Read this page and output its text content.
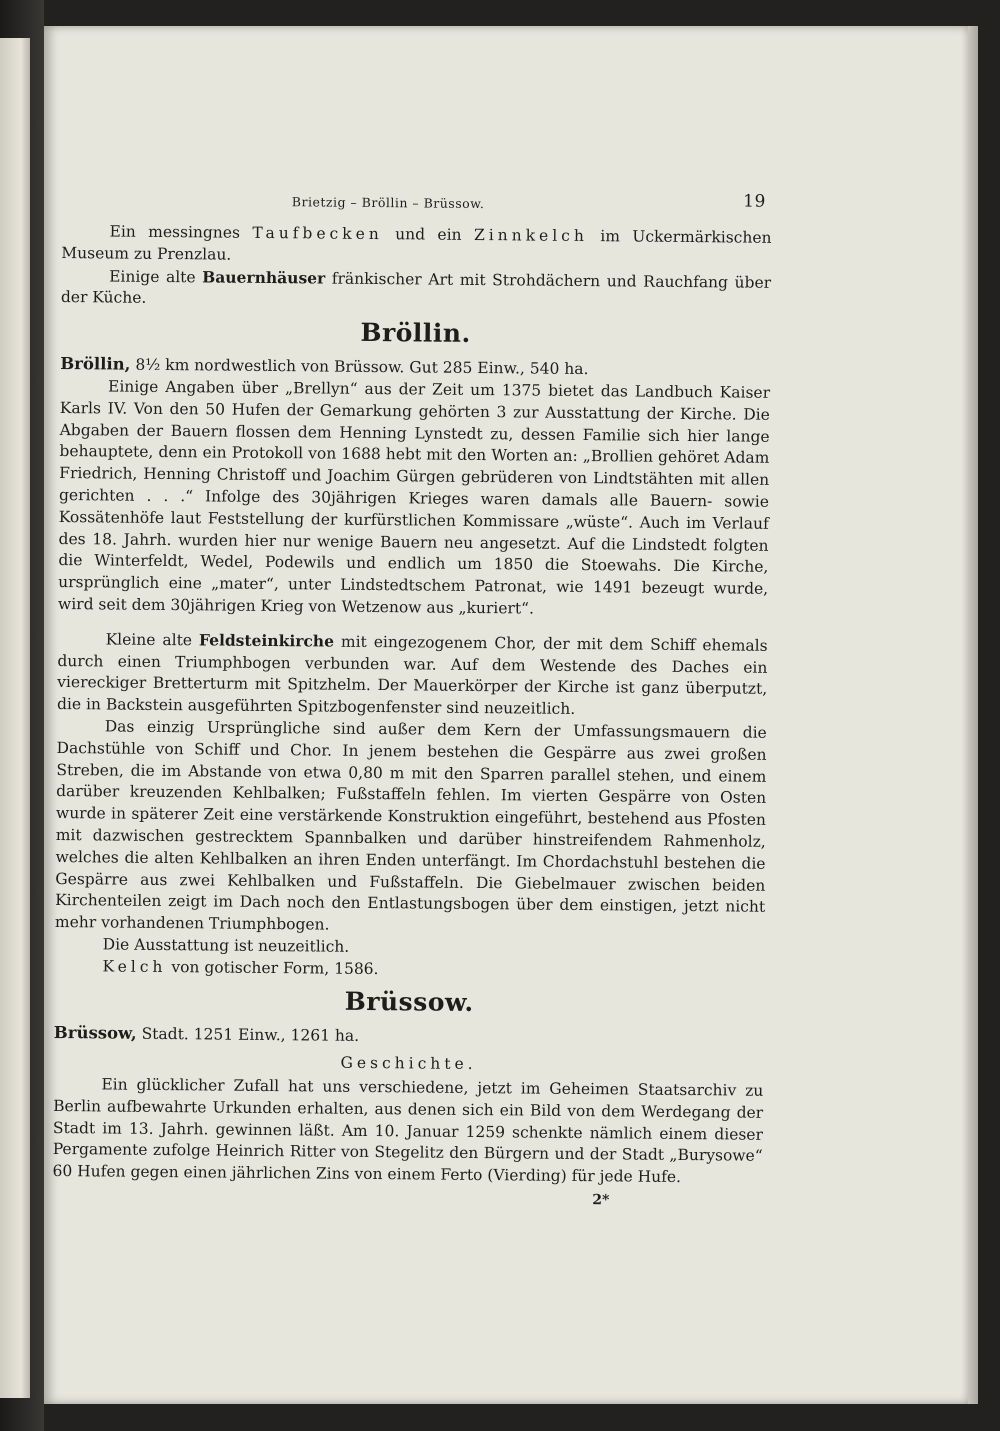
Brietzig – Bröllin – Brüssow.	19

Ein messingnes Taufbecken und ein Zinnkelch im Uckermärkischen Museum zu Prenzlau.

Einige alte Bauernhäuser fränkischer Art mit Strohdächern und Rauchfang über der Küche.

Bröllin.

Bröllin, 8½ km nordwestlich von Brüssow. Gut 285 Einw., 540 ha.

Einige Angaben über „Brellyn“ aus der Zeit um 1375 bietet das Landbuch Kaiser Karls IV. Von den 50 Hufen der Gemarkung gehörten 3 zur Ausstattung der Kirche. Die Abgaben der Bauern flossen dem Henning Lynstedt zu, dessen Familie sich hier lange behauptete, denn ein Protokoll von 1688 hebt mit den Worten an: „Brollien gehöret Adam Friedrich, Henning Christoff und Joachim Gürgen gebrüderen von Lindtstähten mit allen gerichten . . .“ Infolge des 30jährigen Krieges waren damals alle Bauern- sowie Kossätenhöfe laut Feststellung der kurfürstlichen Kommissare „wüste“. Auch im Verlauf des 18. Jahrh. wurden hier nur wenige Bauern neu angesetzt. Auf die Lindstedt folgten die Winterfeldt, Wedel, Podewils und endlich um 1850 die Stoewahs. Die Kirche, ursprünglich eine „mater“, unter Lindstedtschem Patronat, wie 1491 bezeugt wurde, wird seit dem 30jährigen Krieg von Wetzenow aus „kuriert“.

Kleine alte Feldsteinkirche mit eingezogenem Chor, der mit dem Schiff ehemals durch einen Triumphbogen verbunden war. Auf dem Westende des Daches ein viereckiger Bretterturm mit Spitzhelm. Der Mauerkörper der Kirche ist ganz überputzt, die in Backstein ausgeführten Spitzbogenfenster sind neuzeitlich.

Das einzig Ursprüngliche sind außer dem Kern der Umfassungsmauern die Dachstühle von Schiff und Chor. In jenem bestehen die Gespärre aus zwei großen Streben, die im Abstande von etwa 0,80 m mit den Sparren parallel stehen, und einem darüber kreuzenden Kehlbalken; Fußstaffeln fehlen. Im vierten Gespärre von Osten wurde in späterer Zeit eine verstärkende Konstruktion eingeführt, bestehend aus Pfosten mit dazwischen gestrecktem Spannbalken und darüber hinstreifendem Rahmenholz, welches die alten Kehlbalken an ihren Enden unterfängt. Im Chordachstuhl bestehen die Gespärre aus zwei Kehlbalken und Fußstaffeln. Die Giebelmauer zwischen beiden Kirchenteilen zeigt im Dach noch den Entlastungsbogen über dem einstigen, jetzt nicht mehr vorhandenen Triumphbogen.

Die Ausstattung ist neuzeitlich.

Kelch von gotischer Form, 1586.

Brüssow.

Brüssow, Stadt. 1251 Einw., 1261 ha.

Geschichte.

Ein glücklicher Zufall hat uns verschiedene, jetzt im Geheimen Staatsarchiv zu Berlin aufbewahrte Urkunden erhalten, aus denen sich ein Bild von dem Werdegang der Stadt im 13. Jahrh. gewinnen läßt. Am 10. Januar 1259 schenkte nämlich einem dieser Pergamente zufolge Heinrich Ritter von Stegelitz den Bürgern und der Stadt „Burysowe“ 60 Hufen gegen einen jährlichen Zins von einem Ferto (Vierding) für jede Hufe.

2*
